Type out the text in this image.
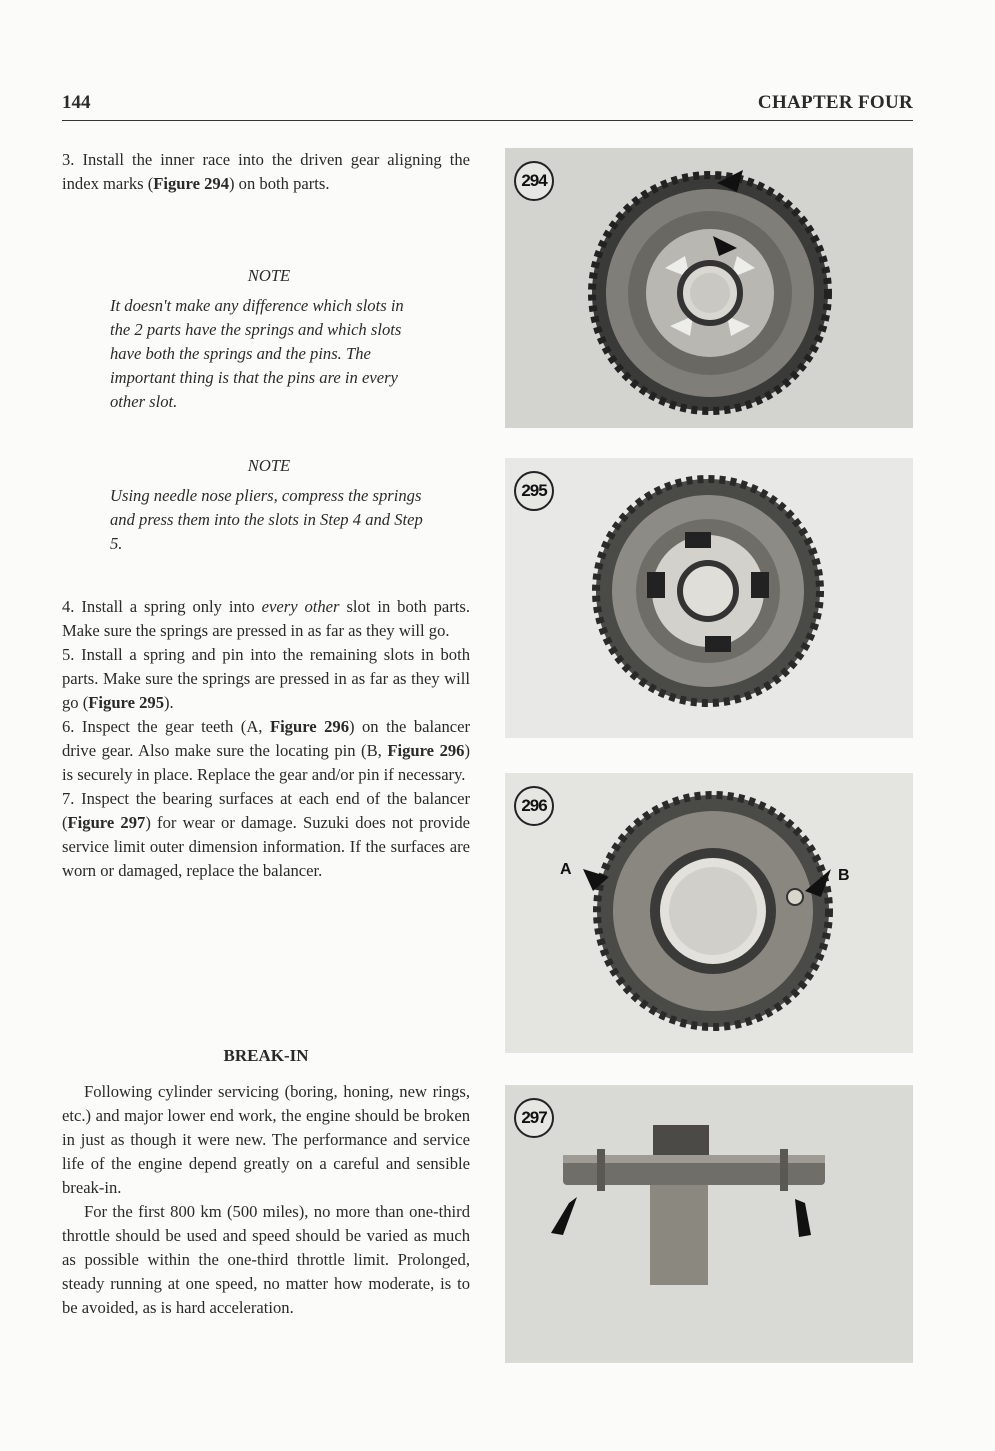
144	CHAPTER FOUR

3. Install the inner race into the driven gear aligning the index marks (Figure 294) on both parts.

NOTE

It doesn't make any difference which slots in the 2 parts have the springs and which slots have both the springs and the pins. The important thing is that the pins are in every other slot.

NOTE

Using needle nose pliers, compress the springs and press them into the slots in Step 4 and Step 5.

4. Install a spring only into every other slot in both parts. Make sure the springs are pressed in as far as they will go.

5. Install a spring and pin into the remaining slots in both parts. Make sure the springs are pressed in as far as they will go (Figure 295).

6. Inspect the gear teeth (A, Figure 296) on the balancer drive gear. Also make sure the locating pin (B, Figure 296) is securely in place. Replace the gear and/or pin if necessary.

7. Inspect the bearing surfaces at each end of the balancer (Figure 297) for wear or damage. Suzuki does not provide service limit outer dimension information. If the surfaces are worn or damaged, replace the balancer.

BREAK-IN

Following cylinder servicing (boring, honing, new rings, etc.) and major lower end work, the engine should be broken in just as though it were new. The performance and service life of the engine depend greatly on a careful and sensible break-in.

For the first 800 km (500 miles), no more than one-third throttle should be used and speed should be varied as much as possible within the one-third throttle limit. Prolonged, steady running at one speed, no matter how moderate, is to be avoided, as is hard acceleration.

294
295
296
A	B
297
